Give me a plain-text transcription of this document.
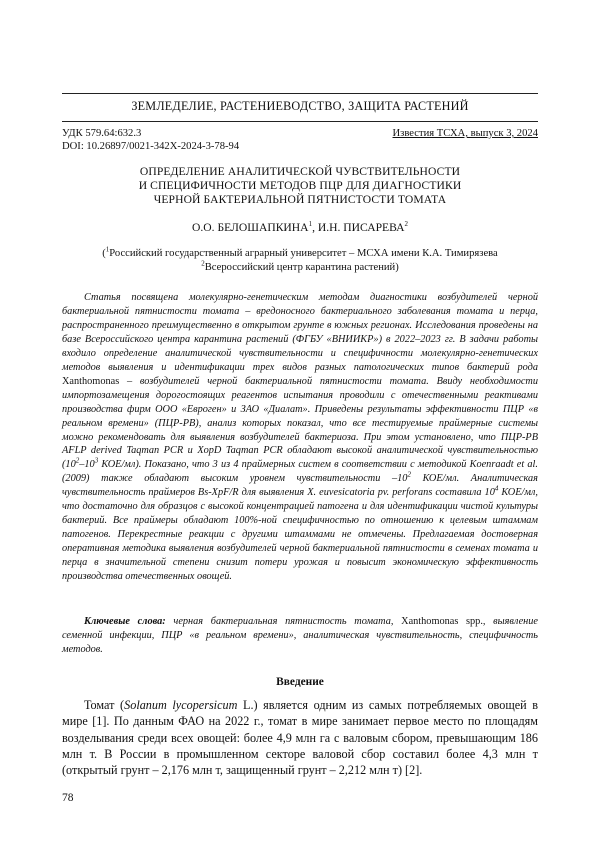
ЗЕМЛЕДЕЛИЕ, РАСТЕНИЕВОДСТВО, ЗАЩИТА РАСТЕНИЙ
УДК 579.64:632.3
DOI: 10.26897/0021-342X-2024-3-78-94
Известия ТСХА, выпуск 3, 2024
ОПРЕДЕЛЕНИЕ АНАЛИТИЧЕСКОЙ ЧУВСТВИТЕЛЬНОСТИ
И СПЕЦИФИЧНОСТИ МЕТОДОВ ПЦР ДЛЯ ДИАГНОСТИКИ
ЧЕРНОЙ БАКТЕРИАЛЬНОЙ ПЯТНИСТОСТИ ТОМАТА
О.О. БЕЛОШАПКИНА$^1$, И.Н. ПИСАРЕВА$^2$
($^1$Российский государственный аграрный университет – МСХА имени К.А. Тимирязева
$^2$Всероссийский центр карантина растений)

Статья посвящена молекулярно-генетическим методам диагностики возбудителей черной бактериальной пятнистости томата – вредоносного бактериального заболевания томата и перца, распространенного преимущественно в открытом грунте в южных регионах. Исследования проведены на базе Всероссийского центра карантина растений (ФГБУ «ВНИИКР») в 2022–2023 гг. В задачи работы входило определение аналитической чувствительности и специфичности молекулярно-генетических методов выявления и идентификации трех видов разных патологических типов бактерий рода Xanthomonas – возбудителей черной бактериальной пятнистости томата. Ввиду необходимости импортозамещения дорогостоящих реагентов испытания проводили с отечественными реактивами производства фирм ООО «Евроген» и ЗАО «Диалат». Приведены результаты эффективности ПЦР «в реальном времени» (ПЦР-РВ), анализ которых показал, что все тестируемые праймерные системы можно рекомендовать для выявления возбудителей бактериоза. При этом установлено, что ПЦР-РВ AFLP derived Taqman PCR и XopD Taqman PCR обладают высокой аналитической чувствительностью ($10^2-10^3$ КОЕ/мл). Показано, что 3 из 4 праймерных систем в соответствии с методикой Koenraadt et al. (2009) также обладают высоким уровнем чувствительности $-10^2$ КОЕ/мл. Аналитическая чувствительность праймеров Bs-XpF/R для выявления X. euvesicatoria pv. perforans составила $10^4$ КОЕ/мл, что достаточно для образцов с высокой концентрацией патогена и для идентификации чистой культуры бактерий. Все праймеры обладают 100%-ной специфичностью по отношению к целевым штаммам патогенов. Перекрестные реакции с другими штаммами не отмечены. Предлагаемая достоверная оперативная методика выявления возбудителей черной бактериальной пятнистости в семенах томата и перца в значительной степени снизит потери урожая и повысит экономическую эффективность производства отечественных овощей.

Ключевые слова: черная бактериальная пятнистость томата, Xanthomonas spp., выявление семенной инфекции, ПЦР «в реальном времени», аналитическая чувствительность, специфичность методов.

Введение

Томат (Solanum lycopersicum L.) является одним из самых потребляемых овощей в мире [1]. По данным ФАО на 2022 г., томат в мире занимает первое место по площадям возделывания среди всех овощей: более 4,9 млн га с валовым сбором, превышающим 186 млн т. В России в промышленном секторе валовой сбор составил более 4,3 млн т (открытый грунт – 2,176 млн т, защищенный грунт – 2,212 млн т) [2].

78
